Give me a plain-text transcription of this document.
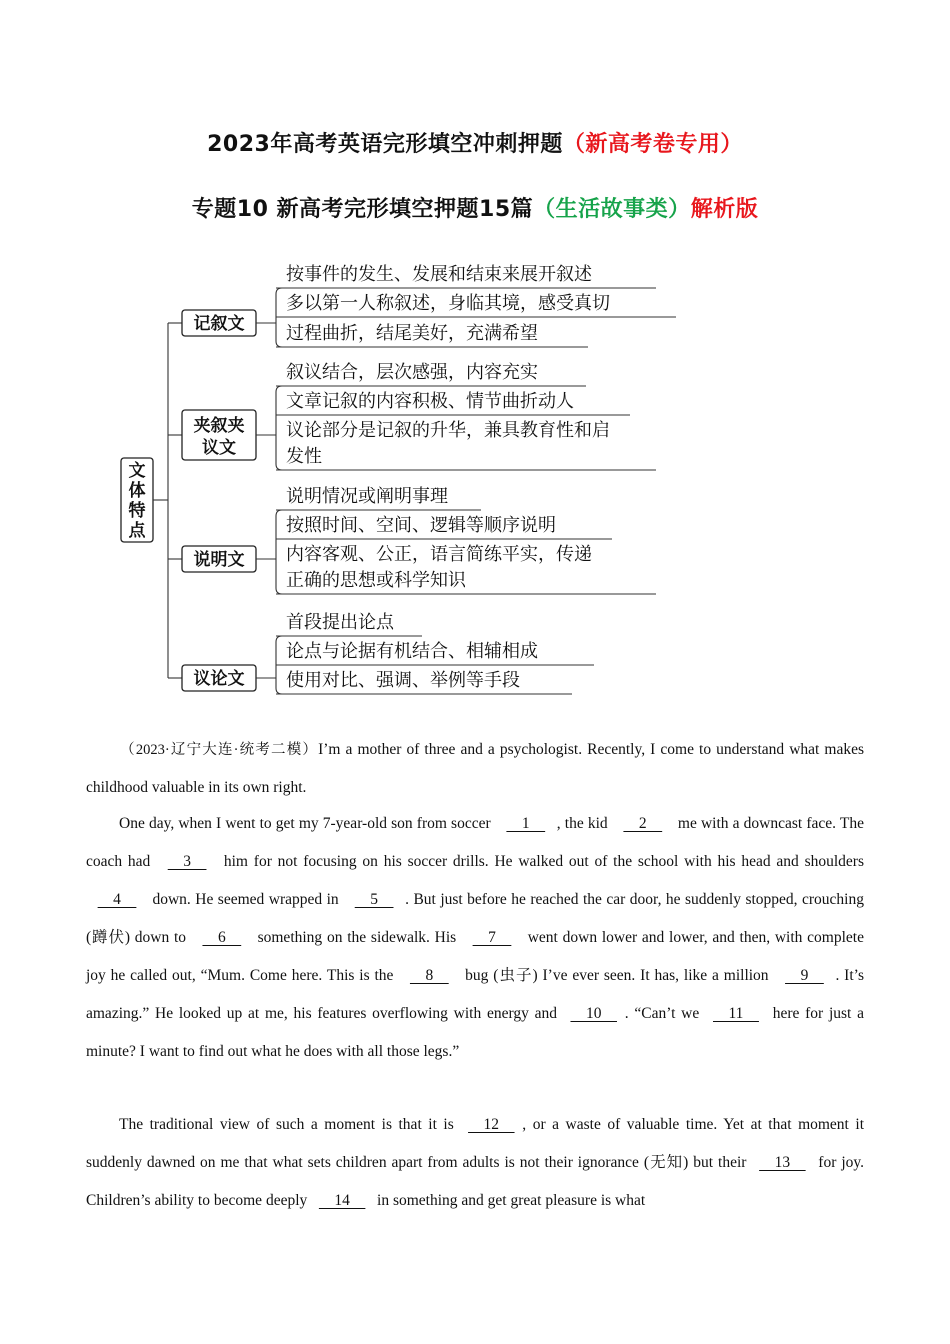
2023年高考英语完形填空冲刺押题（新高考卷专用）
专题10 新高考完形填空押题15篇（生活故事类）解析版
文
体
特
点
记叙文
按事件的发生、发展和结束来展开叙述
多以第一人称叙述，身临其境，感受真切
过程曲折，结尾美好，充满希望
夹叙夹
议文
叙议结合，层次感强，内容充实
文章记叙的内容积极、情节曲折动人
议论部分是记叙的升华，兼具教育性和启
发性
说明文
说明情况或阐明事理
按照时间、空间、逻辑等顺序说明
内容客观、公正，语言简练平实，传递
正确的思想或科学知识
议论文
首段提出论点
论点与论据有机结合、相辅相成
使用对比、强调、举例等手段
（2023·辽宁大连·统考二模）I’m a mother of three and a psychologist. Recently, I come to understand what makes childhood valuable in its own right.
One day, when I went to get my 7-year-old son from soccer     1    , the kid     2     me with a downcast face. The coach had     3     him for not focusing on his soccer drills. He walked out of the school with his head and shoulders     4     down. He seemed wrapped in     5    . But just before he reached the car door, he suddenly stopped, crouching (蹲伏) down to     6     something on the sidewalk. His     7     went down lower and lower, and then, with complete joy he called out, “Mum. Come here. This is the     8     bug (虫子) I’ve ever seen. It has, like a million     9    . It’s amazing.” He looked up at me, his features overflowing with energy and     10    . “Can’t we     11     here for just a minute? I want to find out what he does with all those legs.”
The traditional view of such a moment is that it is     12    , or a waste of valuable time. Yet at that moment it suddenly dawned on me that what sets children apart from adults is not their ignorance (无知) but their     13     for joy. Children’s ability to become deeply     14     in something and get great pleasure is what
